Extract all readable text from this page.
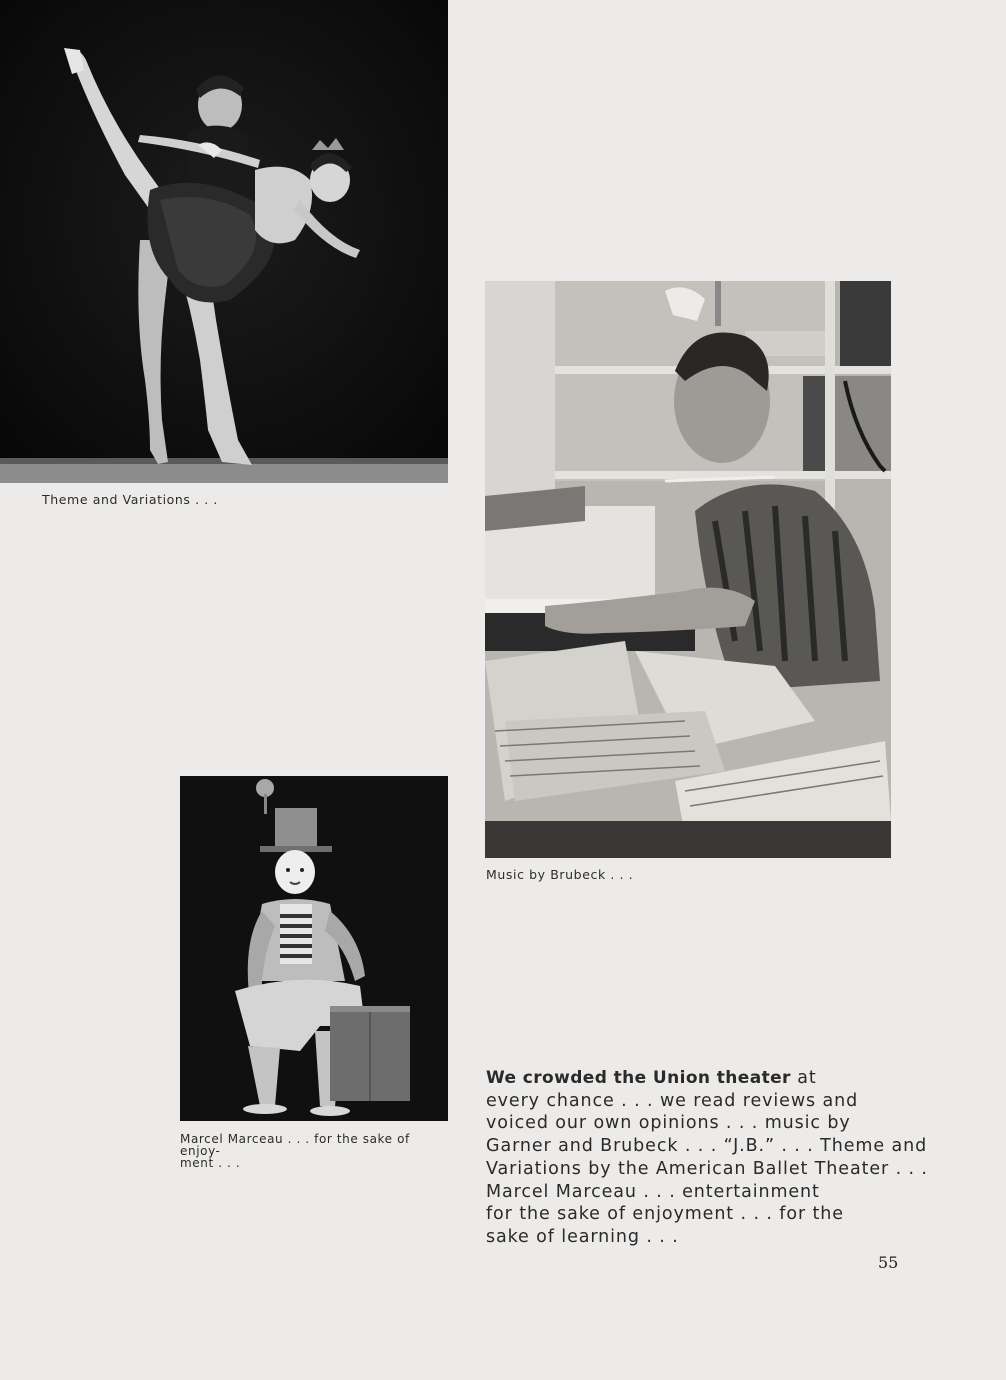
Theme and Variations . . .
Music by Brubeck . . .
Marcel Marceau . . . for the sake of enjoy-
ment . . .
We crowded the Union theater at
every chance . . . we read reviews and
voiced our own opinions . . . music by
Garner and Brubeck . . . “J.B.” . . . Theme and
Variations by the American Ballet Theater . . .
Marcel Marceau . . . entertainment
for the sake of enjoyment . . . for the
sake of learning . . .
55
